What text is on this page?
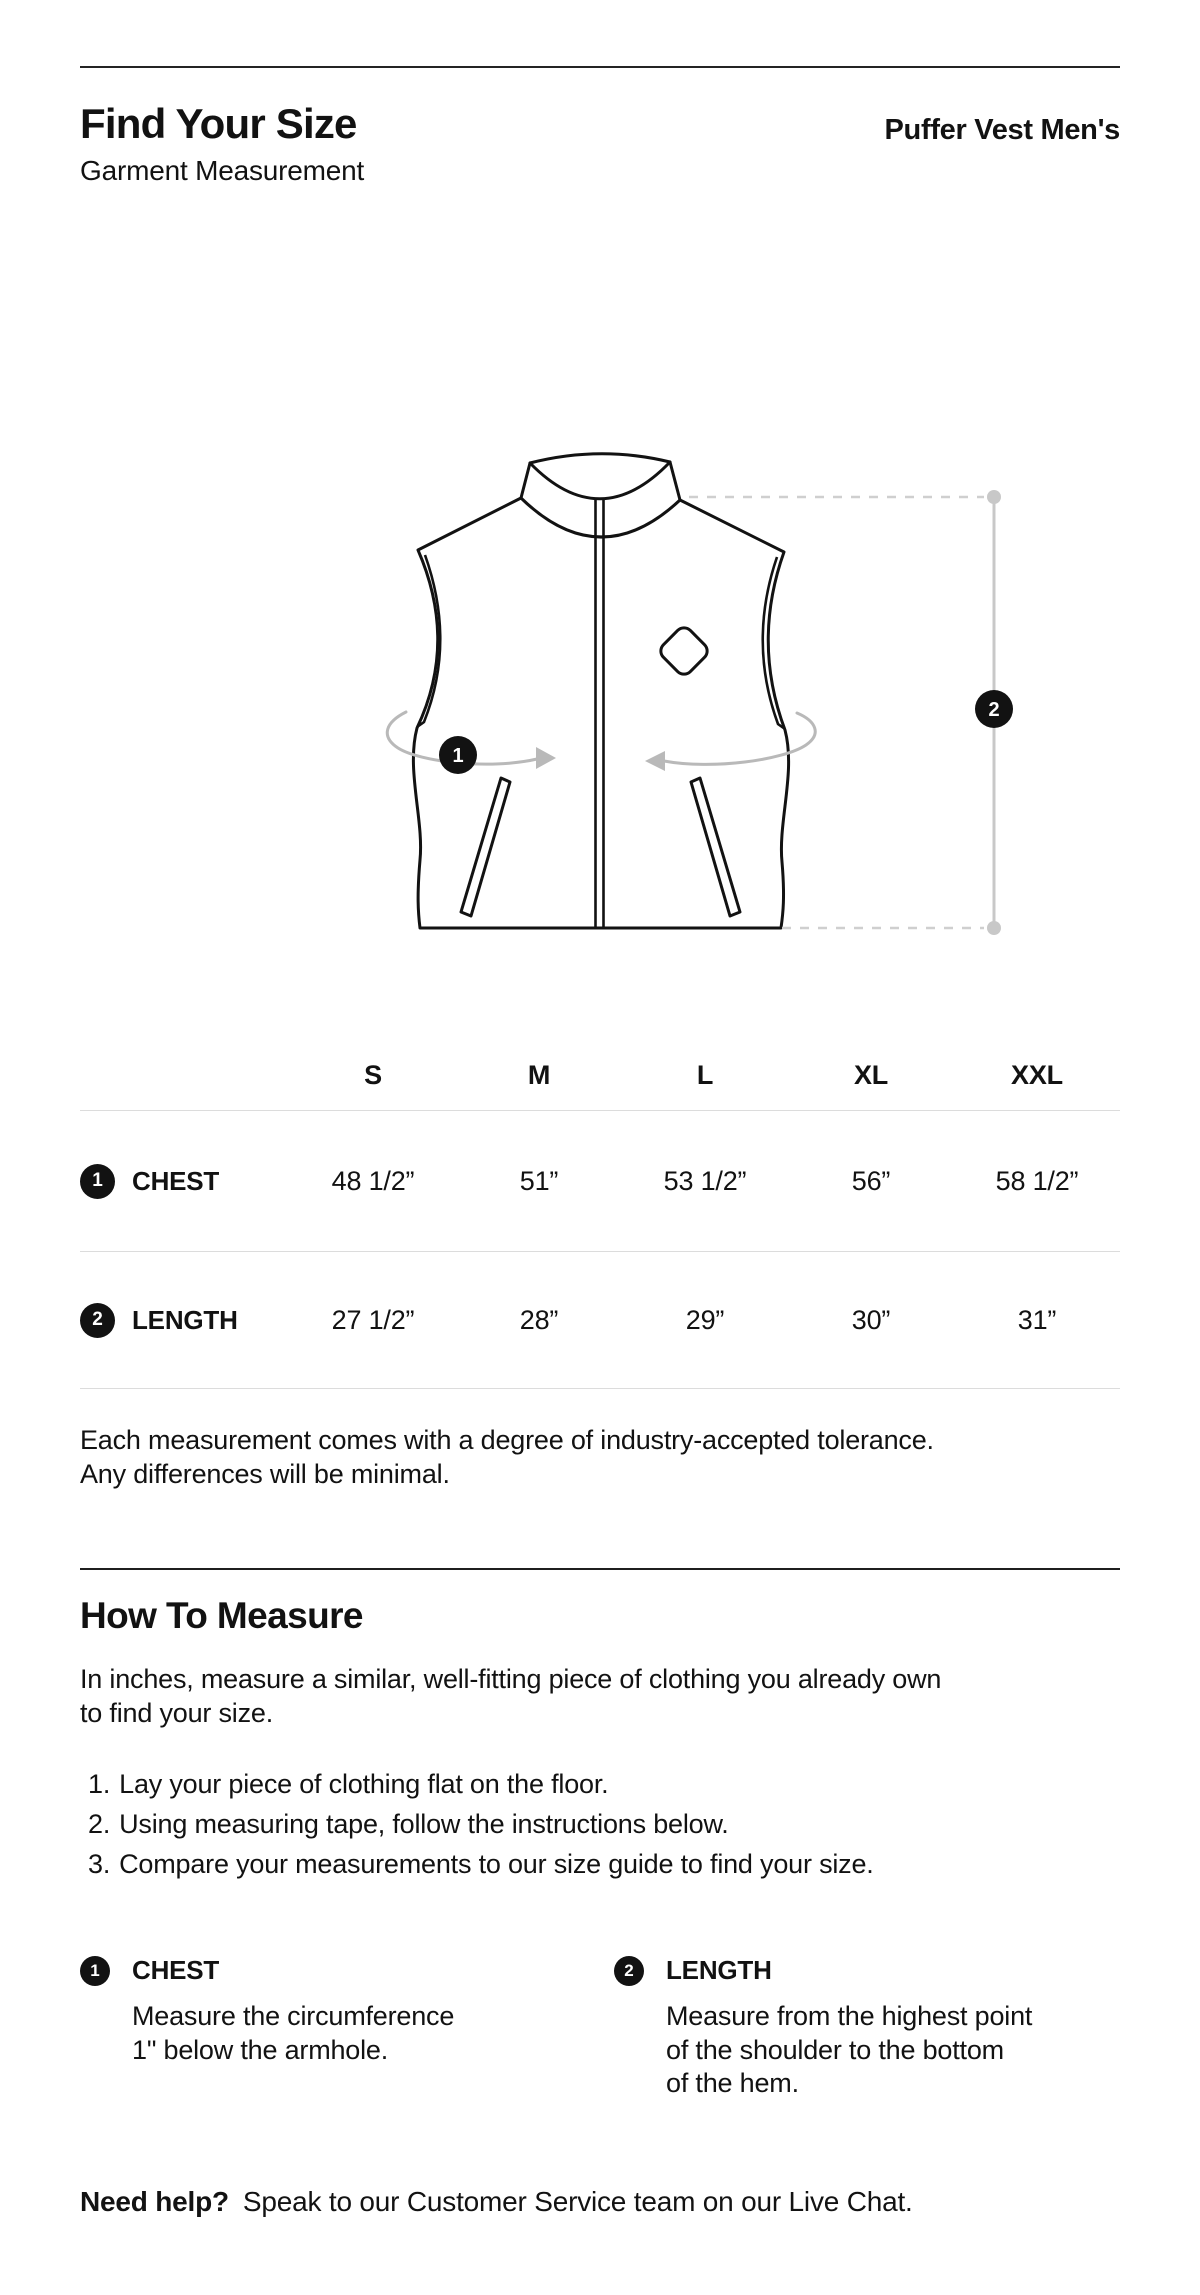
Find Your Size	Puffer Vest Men's
Garment Measurement
1
2
S	M	L	XL	XXL
1	CHEST	48 1/2”	51”	53 1/2”	56”	58 1/2”
2	LENGTH	27 1/2”	28”	29”	30”	31”
Each measurement comes with a degree of industry-accepted tolerance.
Any differences will be minimal.
How To Measure
In inches, measure a similar, well-fitting piece of clothing you already own
to find your size.
1. Lay your piece of clothing flat on the floor.
2. Using measuring tape, follow the instructions below.
3. Compare your measurements to our size guide to find your size.
1	CHEST
Measure the circumference
1" below the armhole.
2	LENGTH
Measure from the highest point
of the shoulder to the bottom
of the hem.
Need help? Speak to our Customer Service team on our Live Chat.
